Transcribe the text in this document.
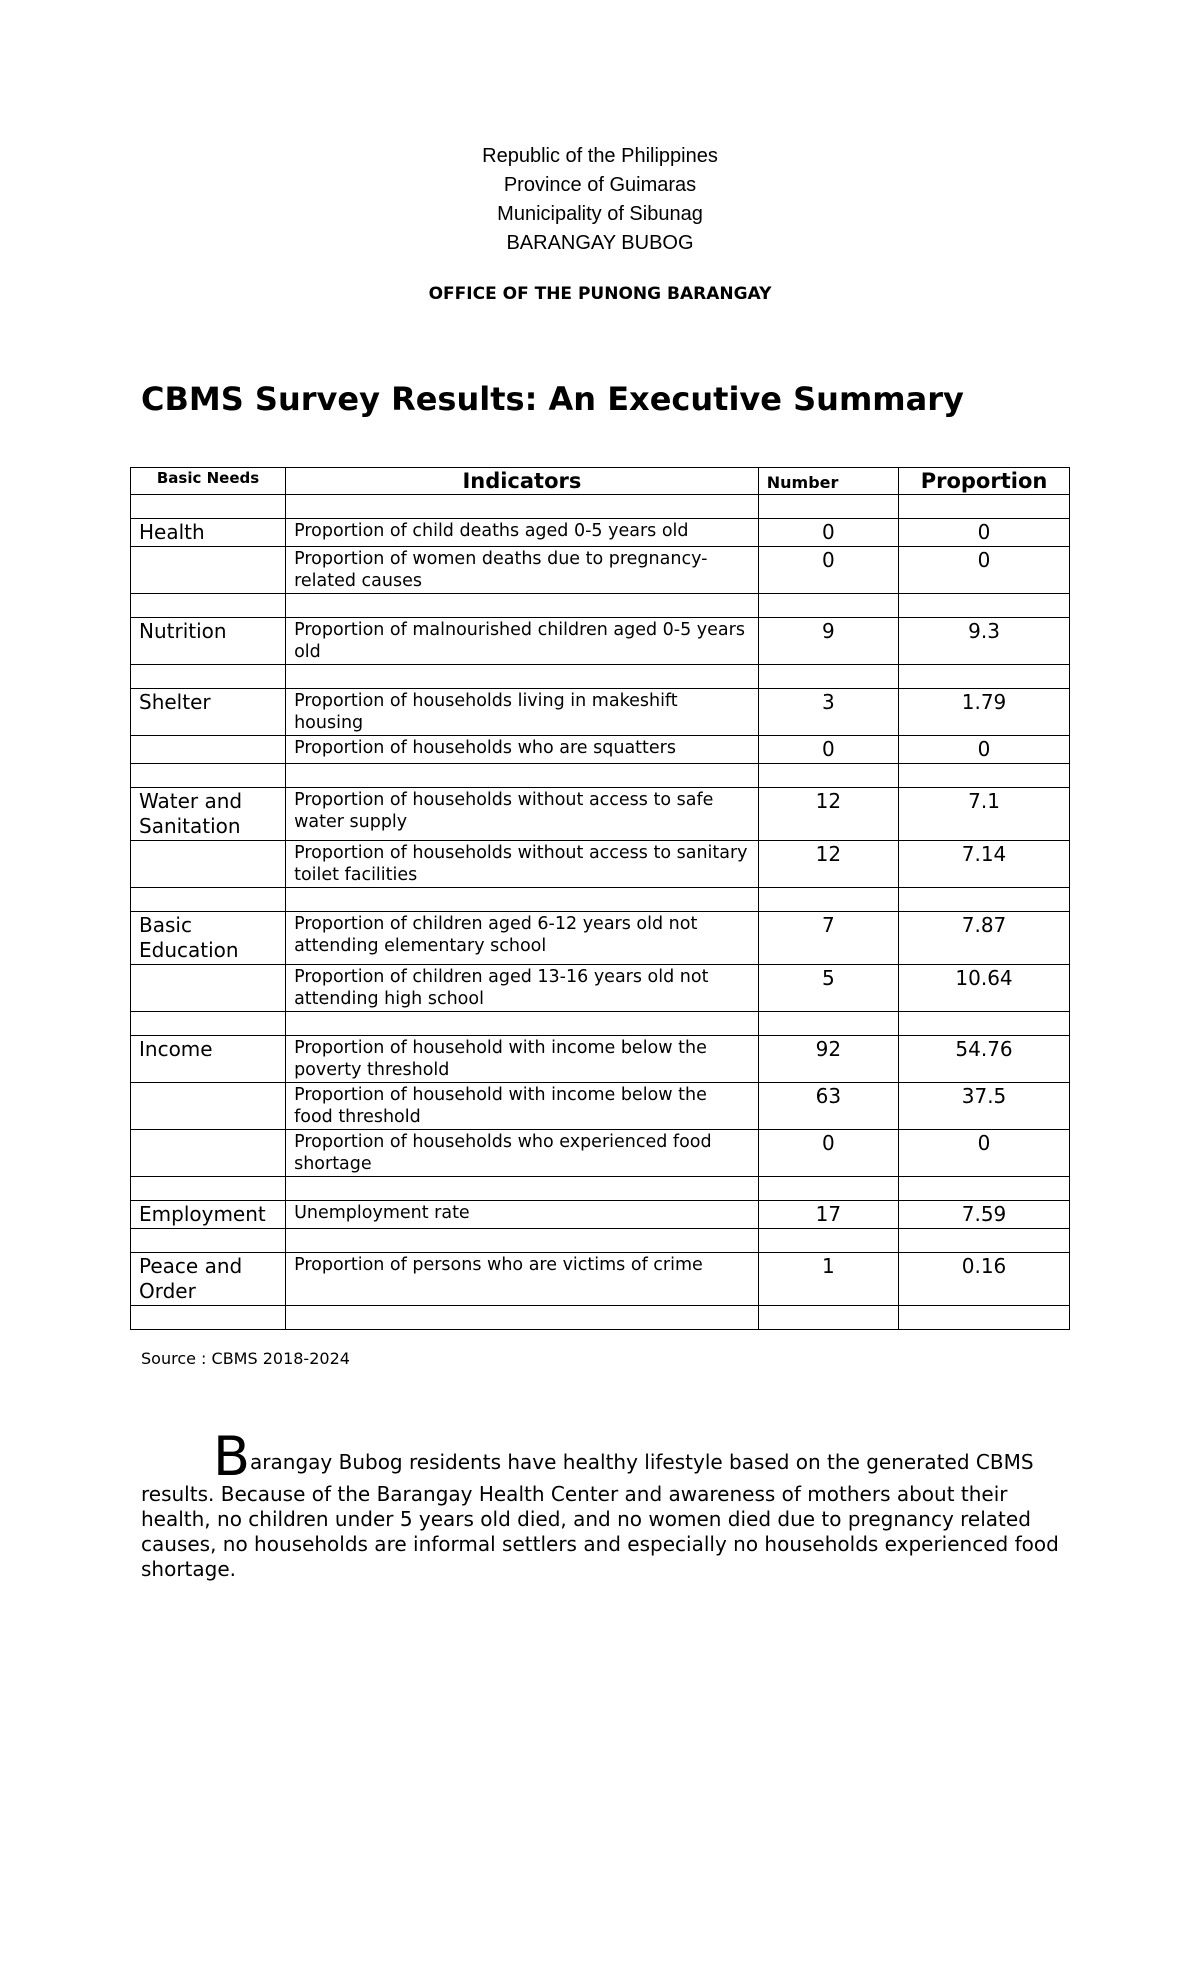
Republic of the Philippines
Province of Guimaras
Municipality of Sibunag
BARANGAY BUBOG
OFFICE OF THE PUNONG BARANGAY
CBMS Survey Results: An Executive Summary
Basic Needs	Indicators	Number	Proportion

Health	Proportion of child deaths aged 0-5 years old	0	0
	Proportion of women deaths due to pregnancy-related causes	0	0

Nutrition	Proportion of malnourished children aged 0-5 years old	9	9.3

Shelter	Proportion of households living in makeshift housing	3	1.79
	Proportion of households who are squatters	0	0

Water and Sanitation	Proportion of households without access to safe water supply	12	7.1
	Proportion of households without access to sanitary toilet facilities	12	7.14

Basic Education	Proportion of children aged 6-12 years old not attending elementary school	7	7.87
	Proportion of children aged 13-16 years old not attending high school	5	10.64

Income	Proportion of household with income below the poverty threshold	92	54.76
	Proportion of household with income below the food threshold	63	37.5
	Proportion of households who experienced food shortage	0	0

Employment	Unemployment rate	17	7.59

Peace and Order	Proportion of persons who are victims of crime	1	0.16

Source : CBMS 2018-2024

Barangay Bubog residents have healthy lifestyle based on the generated CBMS results. Because of the Barangay Health Center and awareness of mothers about their health, no children under 5 years old died, and no women died due to pregnancy related causes, no households are informal settlers and especially no households experienced food shortage.
